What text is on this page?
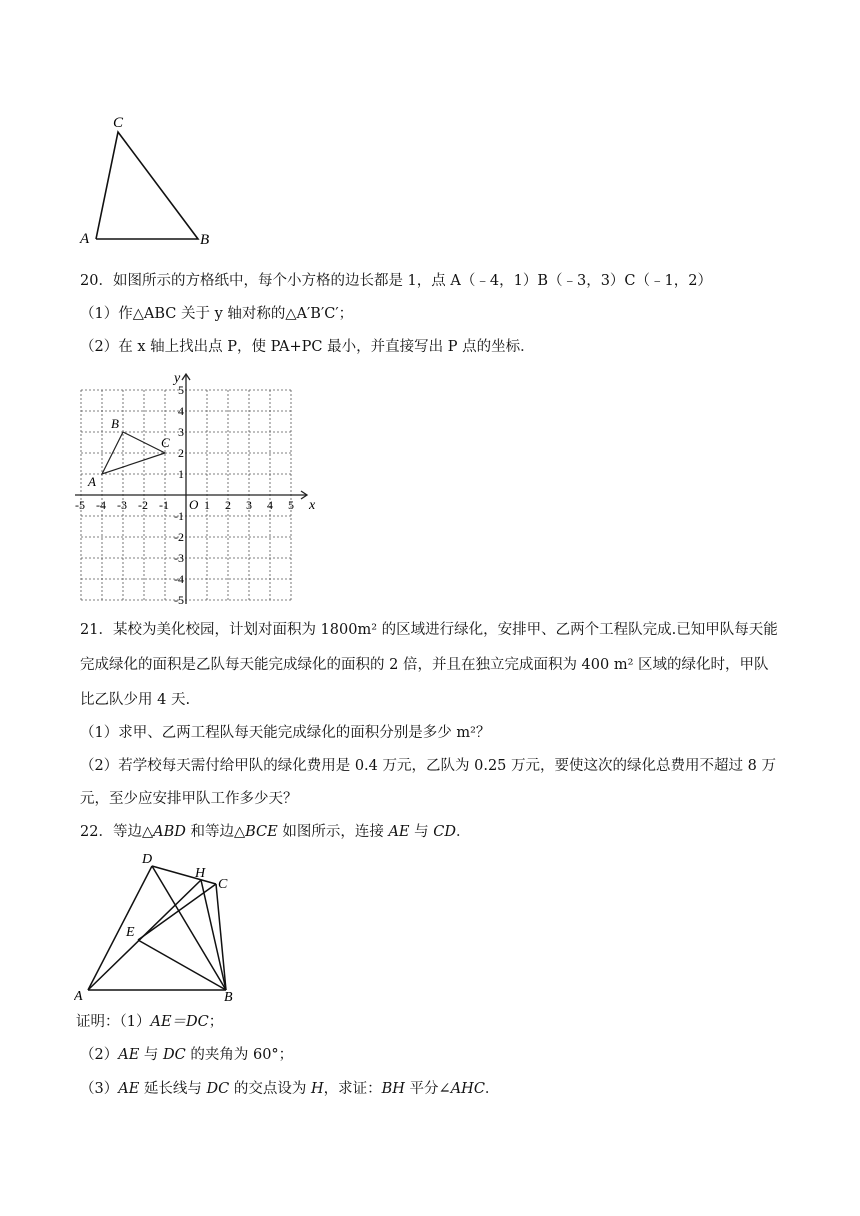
A	B
C
20．如图所示的方格纸中，每个小方格的边长都是 1，点 A（﹣4，1）B（﹣3，3）C（﹣1，2）
（1）作△ABC 关于 y 轴对称的△A′B′C′；
（2）在 x 轴上找出点 P，使 PA+PC 最小，并直接写出 P 点的坐标．
x
y
O
-5 -4 -3 -2 -1	1 2 3 4 5
5
4
3
2
1
-1
-2
-3
-4
-5
A
B
C
21．某校为美化校园，计划对面积为 1800m² 的区域进行绿化，安排甲、乙两个工程队完成.已知甲队每天能
完成绿化的面积是乙队每天能完成绿化的面积的 2 倍，并且在独立完成面积为 400 m² 区域的绿化时，甲队
比乙队少用 4 天.
（1）求甲、乙两工程队每天能完成绿化的面积分别是多少 m²？
（2）若学校每天需付给甲队的绿化费用是 0.4 万元，乙队为 0.25 万元，要使这次的绿化总费用不超过 8 万
元，至少应安排甲队工作多少天？
22．等边△ABD 和等边△BCE 如图所示，连接 AE 与 CD．
A	B
C
D
E
H
证明：（1）AE＝DC；
（2）AE 与 DC 的夹角为 60°；
（3）AE 延长线与 DC 的交点设为 H，求证：BH 平分∠AHC．
